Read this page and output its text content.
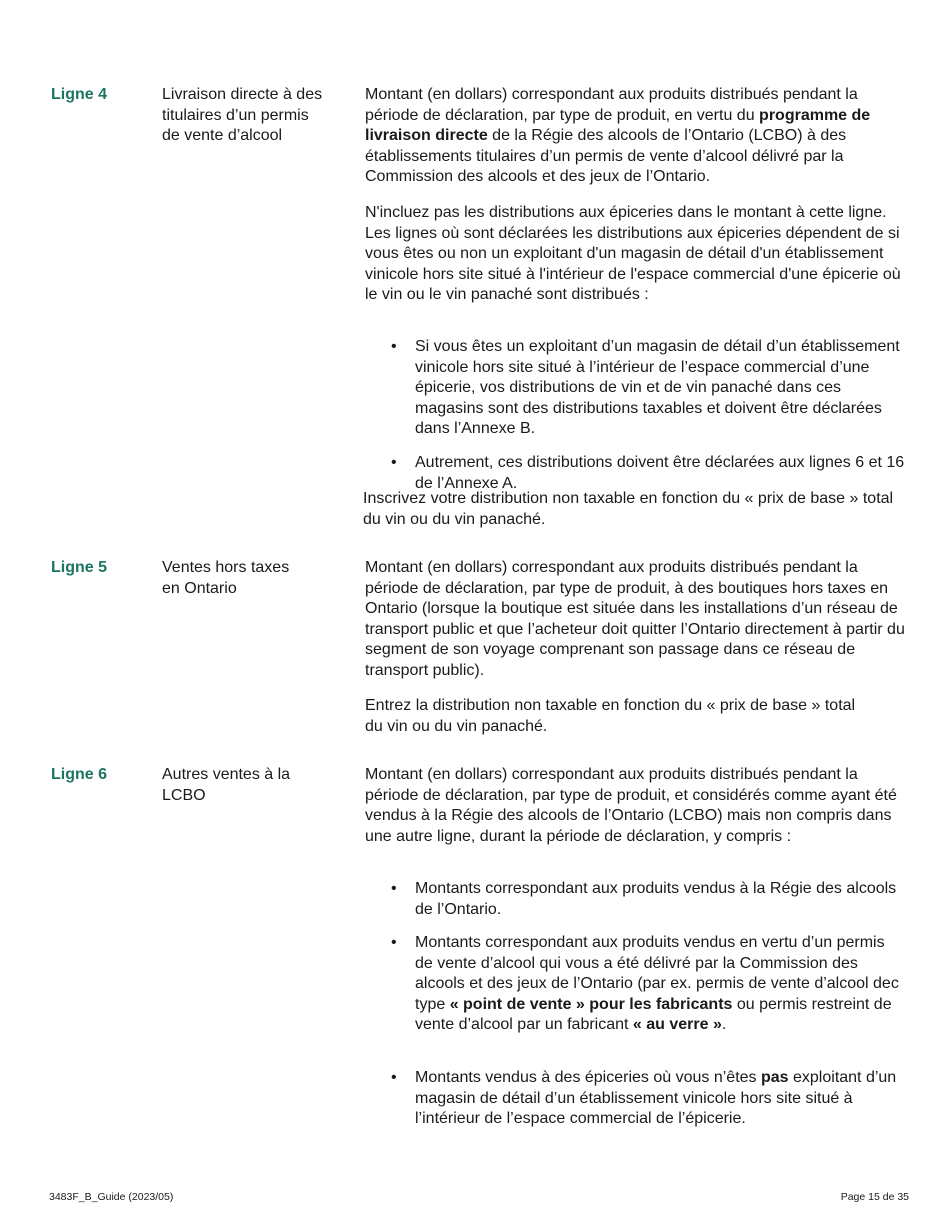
Ligne 4	Livraison directe à des
titulaires d’un permis
de vente d’alcool

Montant (en dollars) correspondant aux produits distribués pendant la période de déclaration, par type de produit, en vertu du programme de livraison directe de la Régie des alcools de l’Ontario (LCBO) à des établissements titulaires d’un permis de vente d’alcool délivré par la Commission des alcools et des jeux de l’Ontario.

N'incluez pas les distributions aux épiceries dans le montant à cette ligne. Les lignes où sont déclarées les distributions aux épiceries dépendent de si vous êtes ou non un exploitant d'un magasin de détail d'un établissement vinicole hors site situé à l'intérieur de l'espace commercial d'une épicerie où le vin ou le vin panaché sont distribués :

• Si vous êtes un exploitant d’un magasin de détail d’un établissement vinicole hors site situé à l’intérieur de l’espace commercial d’une épicerie, vos distributions de vin et de vin panaché dans ces magasins sont des distributions taxables et doivent être déclarées dans l’Annexe B.
• Autrement, ces distributions doivent être déclarées aux lignes 6 et 16 de l’Annexe A.

Inscrivez votre distribution non taxable en fonction du « prix de base » total du vin ou du vin panaché.

Ligne 5	Ventes hors taxes
en Ontario

Montant (en dollars) correspondant aux produits distribués pendant la période de déclaration, par type de produit, à des boutiques hors taxes en Ontario (lorsque la boutique est située dans les installations d’un réseau de transport public et que l’acheteur doit quitter l’Ontario directement à partir du segment de son voyage comprenant son passage dans ce réseau de transport public).

Entrez la distribution non taxable en fonction du « prix de base » total du vin ou du vin panaché.

Ligne 6	Autres ventes à la
LCBO

Montant (en dollars) correspondant aux produits distribués pendant la période de déclaration, par type de produit, et considérés comme ayant été vendus à la Régie des alcools de l’Ontario (LCBO) mais non compris dans une autre ligne, durant la période de déclaration, y compris :

• Montants correspondant aux produits vendus à la Régie des alcools de l’Ontario.
• Montants correspondant aux produits vendus en vertu d’un permis de vente d’alcool qui vous a été délivré par la Commission des alcools et des jeux de l’Ontario (par ex. permis de vente d’alcool dec type « point de vente » pour les fabricants ou permis restreint de vente d’alcool par un fabricant « au verre ».
• Montants vendus à des épiceries où vous n’êtes pas exploitant d’un magasin de détail d’un établissement vinicole hors site situé à l’intérieur de l’espace commercial de l’épicerie.
3483F_B_Guide (2023/05)	Page 15 de 35
